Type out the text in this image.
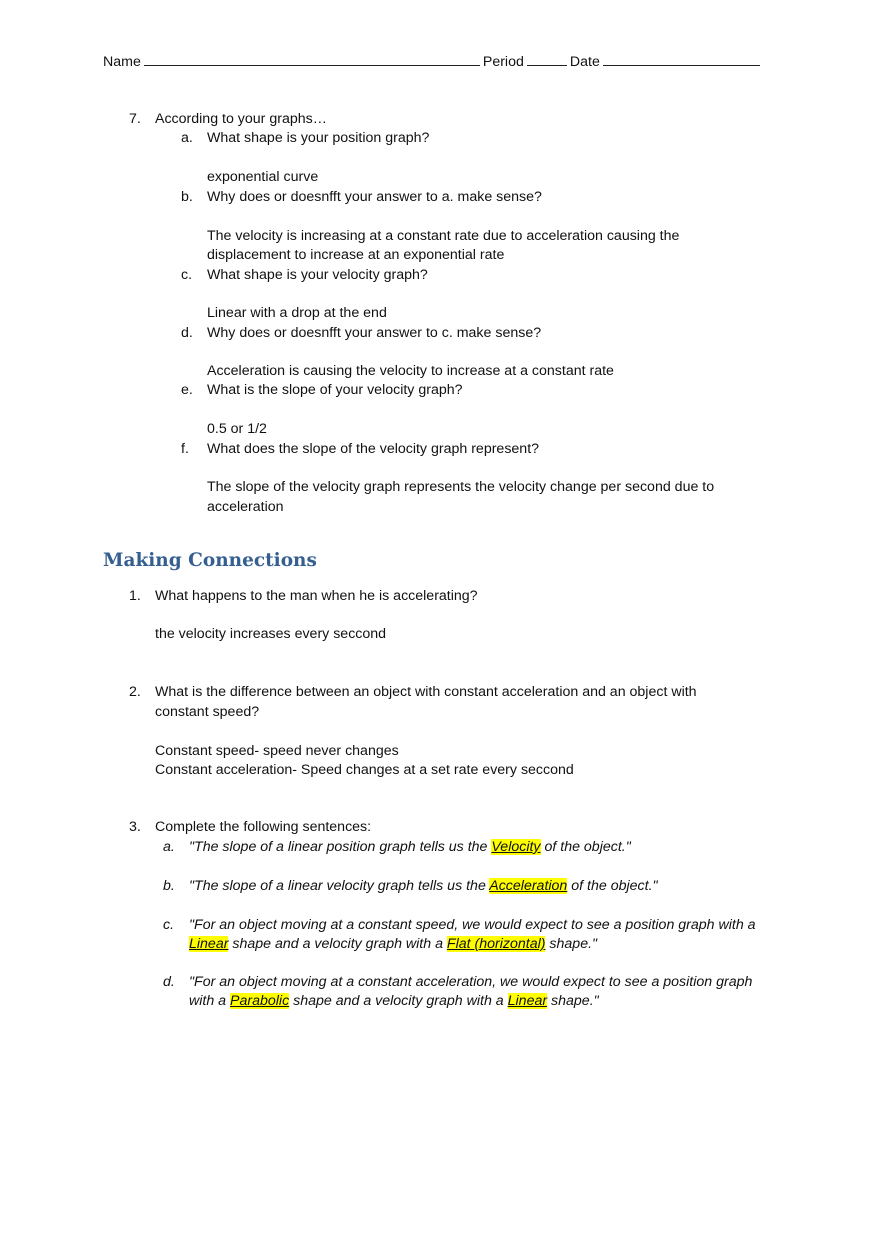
Name	Period	Date
7. According to your graphs…
a. What shape is your position graph?
exponential curve
b. Why does or doesnfft your answer to a. make sense?
The velocity is increasing at a constant rate due to acceleration causing the
displacement to increase at an exponential rate
c. What shape is your velocity graph?
Linear with a drop at the end
d. Why does or doesnfft your answer to c. make sense?
Acceleration is causing the velocity to increase at a constant rate
e. What is the slope of your velocity graph?
0.5 or 1/2
f. What does the slope of the velocity graph represent?
The slope of the velocity graph represents the velocity change per second due to
acceleration
Making Connections
1. What happens to the man when he is accelerating?
the velocity increases every seccond
2. What is the difference between an object with constant acceleration and an object with
constant speed?
Constant speed- speed never changes
Constant acceleration- Speed changes at a set rate every seccond
3. Complete the following sentences:
a. "The slope of a linear position graph tells us the Velocity of the object."
b. "The slope of a linear velocity graph tells us the Acceleration of the object."
c. "For an object moving at a constant speed, we would expect to see a position graph with a
Linear shape and a velocity graph with a Flat (horizontal) shape."
d. "For an object moving at a constant acceleration, we would expect to see a position graph
with a Parabolic shape and a velocity graph with a Linear shape."
